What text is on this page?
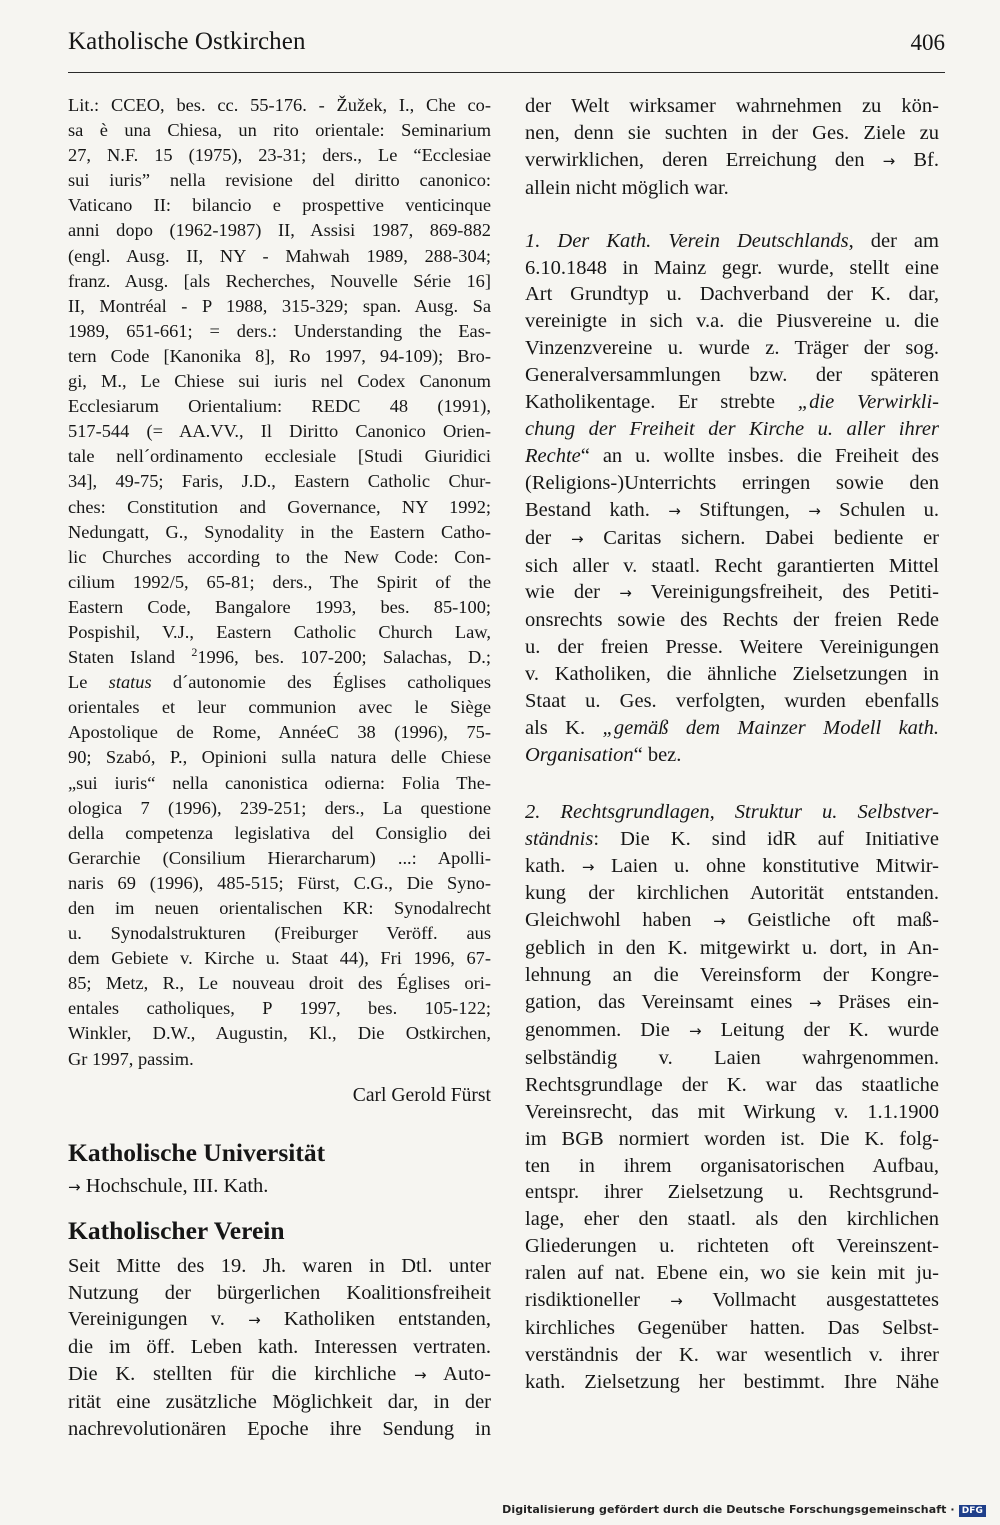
Katholische Ostkirchen	406

Lit.: CCEO, bes. cc. 55-176. - Žužek, I., Che co-
sa è una Chiesa, un rito orientale: Seminarium
27, N.F. 15 (1975), 23-31; ders., Le “Ecclesiae
sui iuris” nella revisione del diritto canonico:
Vaticano II: bilancio e prospettive venticinque
anni dopo (1962-1987) II, Assisi 1987, 869-882
(engl. Ausg. II, NY - Mahwah 1989, 288-304;
franz. Ausg. [als Recherches, Nouvelle Série 16]
II, Montréal - P 1988, 315-329; span. Ausg. Sa
1989, 651-661; = ders.: Understanding the Eas-
tern Code [Kanonika 8], Ro 1997, 94-109); Bro-
gi, M., Le Chiese sui iuris nel Codex Canonum
Ecclesiarum Orientalium: REDC 48 (1991),
517-544 (= AA.VV., Il Diritto Canonico Orien-
tale nell´ordinamento ecclesiale [Studi Giuridici
34], 49-75; Faris, J.D., Eastern Catholic Chur-
ches: Constitution and Governance, NY 1992;
Nedungatt, G., Synodality in the Eastern Catho-
lic Churches according to the New Code: Con-
cilium 1992/5, 65-81; ders., The Spirit of the
Eastern Code, Bangalore 1993, bes. 85-100;
Pospishil, V.J., Eastern Catholic Church Law,
Staten Island $^2$1996, bes. 107-200; Salachas, D.;
Le status d´autonomie des Églises catholiques
orientales et leur communion avec le Siège
Apostolique de Rome, AnnéeC 38 (1996), 75-
90; Szabó, P., Opinioni sulla natura delle Chiese
„sui iuris“ nella canonistica odierna: Folia The-
ologica 7 (1996), 239-251; ders., La questione
della competenza legislativa del Consiglio dei
Gerarchie (Consilium Hierarcharum) ...: Apolli-
naris 69 (1996), 485-515; Fürst, C.G., Die Syno-
den im neuen orientalischen KR: Synodalrecht
u. Synodalstrukturen (Freiburger Veröff. aus
dem Gebiete v. Kirche u. Staat 44), Fri 1996, 67-
85; Metz, R., Le nouveau droit des Églises ori-
entales catholiques, P 1997, bes. 105-122;
Winkler, D.W., Augustin, Kl., Die Ostkirchen,
Gr 1997, passim.

Carl Gerold Fürst

Katholische Universität

→ Hochschule, III. Kath.

Katholischer Verein

Seit Mitte des 19. Jh. waren in Dtl. unter
Nutzung der bürgerlichen Koalitionsfreiheit
Vereinigungen v. → Katholiken entstanden,
die im öff. Leben kath. Interessen vertraten.
Die K. stellten für die kirchliche → Auto-
rität eine zusätzliche Möglichkeit dar, in der
nachrevolutionären Epoche ihre Sendung in

der Welt wirksamer wahrnehmen zu kön-
nen, denn sie suchten in der Ges. Ziele zu
verwirklichen, deren Erreichung den → Bf.
allein nicht möglich war.

1. Der Kath. Verein Deutschlands, der am
6.10.1848 in Mainz gegr. wurde, stellt eine
Art Grundtyp u. Dachverband der K. dar,
vereinigte in sich v.a. die Piusvereine u. die
Vinzenzvereine u. wurde z. Träger der sog.
Generalversammlungen bzw. der späteren
Katholikentage. Er strebte „die Verwirkli-
chung der Freiheit der Kirche u. aller ihrer
Rechte“ an u. wollte insbes. die Freiheit des
(Religions-)Unterrichts erringen sowie den
Bestand kath. → Stiftungen, → Schulen u.
der → Caritas sichern. Dabei bediente er
sich aller v. staatl. Recht garantierten Mittel
wie der → Vereinigungsfreiheit, des Petiti-
onsrechts sowie des Rechts der freien Rede
u. der freien Presse. Weitere Vereinigungen
v. Katholiken, die ähnliche Zielsetzungen in
Staat u. Ges. verfolgten, wurden ebenfalls
als K. „gemäß dem Mainzer Modell kath.
Organisation“ bez.

2. Rechtsgrundlagen, Struktur u. Selbstver-
ständnis: Die K. sind idR auf Initiative
kath. → Laien u. ohne konstitutive Mitwir-
kung der kirchlichen Autorität entstanden.
Gleichwohl haben → Geistliche oft maß-
geblich in den K. mitgewirkt u. dort, in An-
lehnung an die Vereinsform der Kongre-
gation, das Vereinsamt eines → Präses ein-
genommen. Die → Leitung der K. wurde
selbständig v. Laien wahrgenommen.
Rechtsgrundlage der K. war das staatliche
Vereinsrecht, das mit Wirkung v. 1.1.1900
im BGB normiert worden ist. Die K. folg-
ten in ihrem organisatorischen Aufbau,
entspr. ihrer Zielsetzung u. Rechtsgrund-
lage, eher den staatl. als den kirchlichen
Gliederungen u. richteten oft Vereinszent-
ralen auf nat. Ebene ein, wo sie kein mit ju-
risdiktioneller → Vollmacht ausgestattetes
kirchliches Gegenüber hatten. Das Selbst-
verständnis der K. war wesentlich v. ihrer
kath. Zielsetzung her bestimmt. Ihre Nähe

Digitalisierung gefördert durch die Deutsche Forschungsgemeinschaft · DFG
